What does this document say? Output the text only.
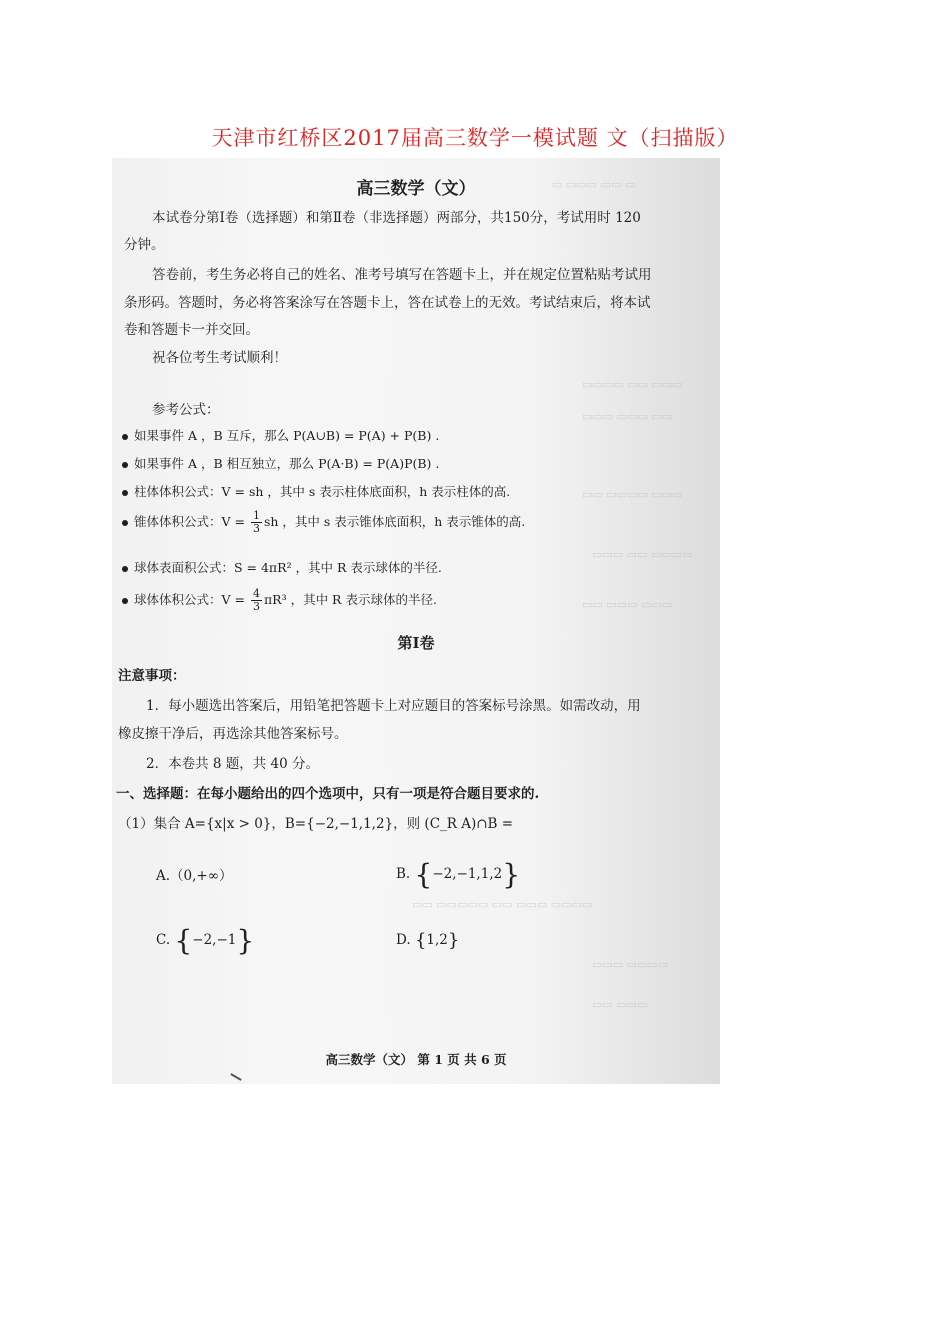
天津市红桥区2017届高三数学一模试题 文（扫描版）
▭ ▭▭▭ ▭▭ ▭
▭▭▭▭ ▭▭ ▭▭▭
▭▭▭ ▭▭▭ ▭▭
▭▭ ▭▭▭▭ ▭▭▭
▭▭▭ ▭▭ ▭▭▭▭
▭▭ ▭▭▭ ▭▭▭
▭▭ ▭▭▭▭▭ ▭▭ ▭▭▭ ▭▭▭▭
▭▭▭ ▭▭▭▭
▭▭ ▭▭▭
高三数学（文）
本试卷分第Ⅰ卷（选择题）和第Ⅱ卷（非选择题）两部分，共150分，考试用时 120
分钟。
答卷前，考生务必将自己的姓名、准考号填写在答题卡上，并在规定位置粘贴考试用
条形码。答题时，务必将答案涂写在答题卡上，答在试卷上的无效。考试结束后，将本试
卷和答题卡一并交回。
祝各位考生考试顺利！
参考公式：
如果事件 A ，B 互斥，那么 P(A∪B) = P(A) + P(B) .
如果事件 A ，B 相互独立，那么 P(A·B) = P(A)P(B) .
柱体体积公式：V = sh ，其中 s 表示柱体底面积，h 表示柱体的高.
锥体体积公式：$V = \frac{1}{3}$ sh ，其中 s 表示锥体底面积，h 表示锥体的高.
球体表面积公式：S = 4πR² ，其中 R 表示球体的半径.
球体体积公式：$V = \frac{4}{3} \pi R^3$ ，其中 R 表示球体的半径.
第Ⅰ卷
注意事项：
1．每小题选出答案后，用铅笔把答题卡上对应题目的答案标号涂黑。如需改动，用
橡皮擦干净后，再选涂其他答案标号。
2．本卷共 8 题，共 40 分。
一、选择题：在每小题给出的四个选项中，只有一项是符合题目要求的.
（1）集合 A={x|x > 0}，B={−2,−1,1,2}，则 (C_R A)∩B =
A.（0,+∞）	B. {−2,−1,1,2}
C. {−2,−1}	D. {1,2}
高三数学（文） 第 1 页 共 6 页
